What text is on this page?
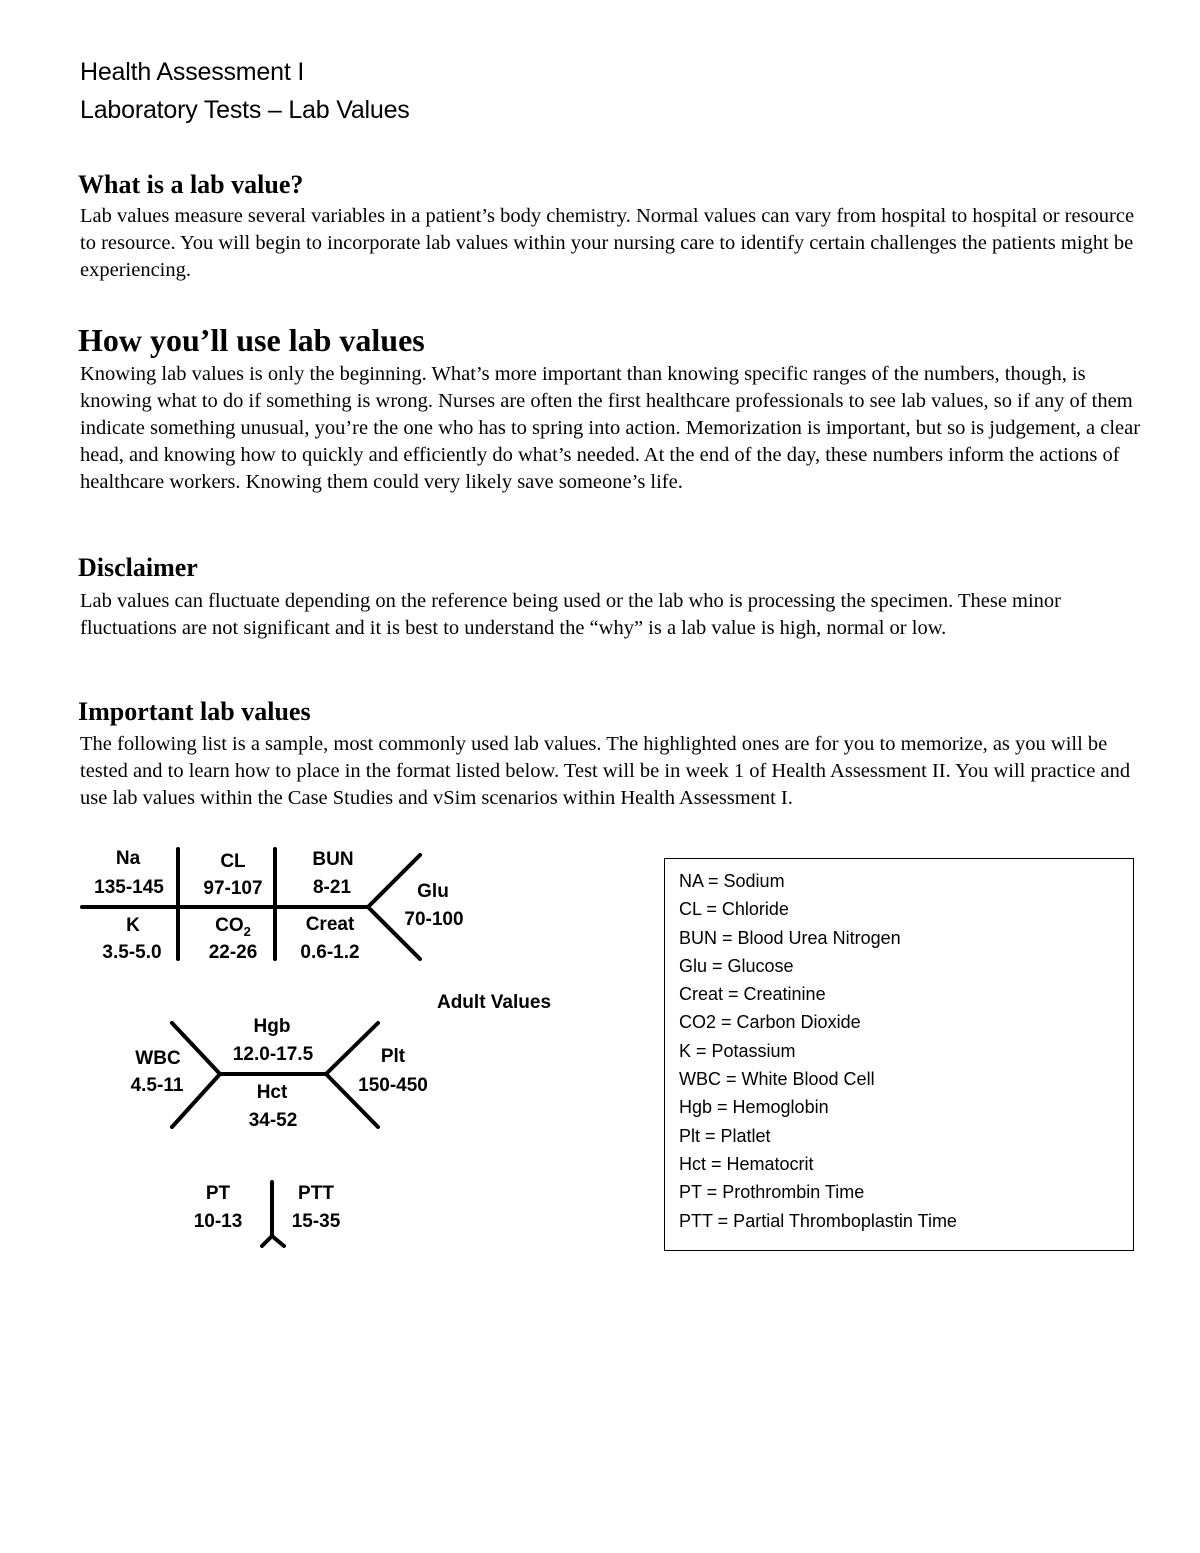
Health Assessment I
Laboratory Tests – Lab Values
What is a lab value?

Lab values measure several variables in a patient’s body chemistry. Normal values can vary from hospital to hospital or resource to resource. You will begin to incorporate lab values within your nursing care to identify certain challenges the patients might be experiencing.

How you’ll use lab values

Knowing lab values is only the beginning. What’s more important than knowing specific ranges of the numbers, though, is knowing what to do if something is wrong. Nurses are often the first healthcare professionals to see lab values, so if any of them indicate something unusual, you’re the one who has to spring into action. Memorization is important, but so is judgement, a clear head, and knowing how to quickly and efficiently do what’s needed. At the end of the day, these numbers inform the actions of healthcare workers. Knowing them could very likely save someone’s life.

Disclaimer

Lab values can fluctuate depending on the reference being used or the lab who is processing the specimen. These minor fluctuations are not significant and it is best to understand the “why” is a lab value is high, normal or low.

Important lab values

The following list is a sample, most commonly used lab values. The highlighted ones are for you to memorize, as you will be tested and to learn how to place in the format listed below. Test will be in week 1 of Health Assessment II. You will practice and use lab values within the Case Studies and vSim scenarios within Health Assessment I.

Na
135-145
CL
97-107
BUN
8-21
K
3.5-5.0
$CO_2$
22-26
Creat
0.6-1.2
Glu
70-100
Adult Values
WBC
4.5-11
Hgb
12.0-17.5
Hct
34-52
Plt
150-450
PT
10-13
PTT
15-35
NA = Sodium
CL = Chloride
BUN = Blood Urea Nitrogen
Glu = Glucose
Creat = Creatinine
CO2 = Carbon Dioxide
K = Potassium
WBC = White Blood Cell
Hgb = Hemoglobin
Plt = Platlet
Hct = Hematocrit
PT = Prothrombin Time
PTT = Partial Thromboplastin Time
